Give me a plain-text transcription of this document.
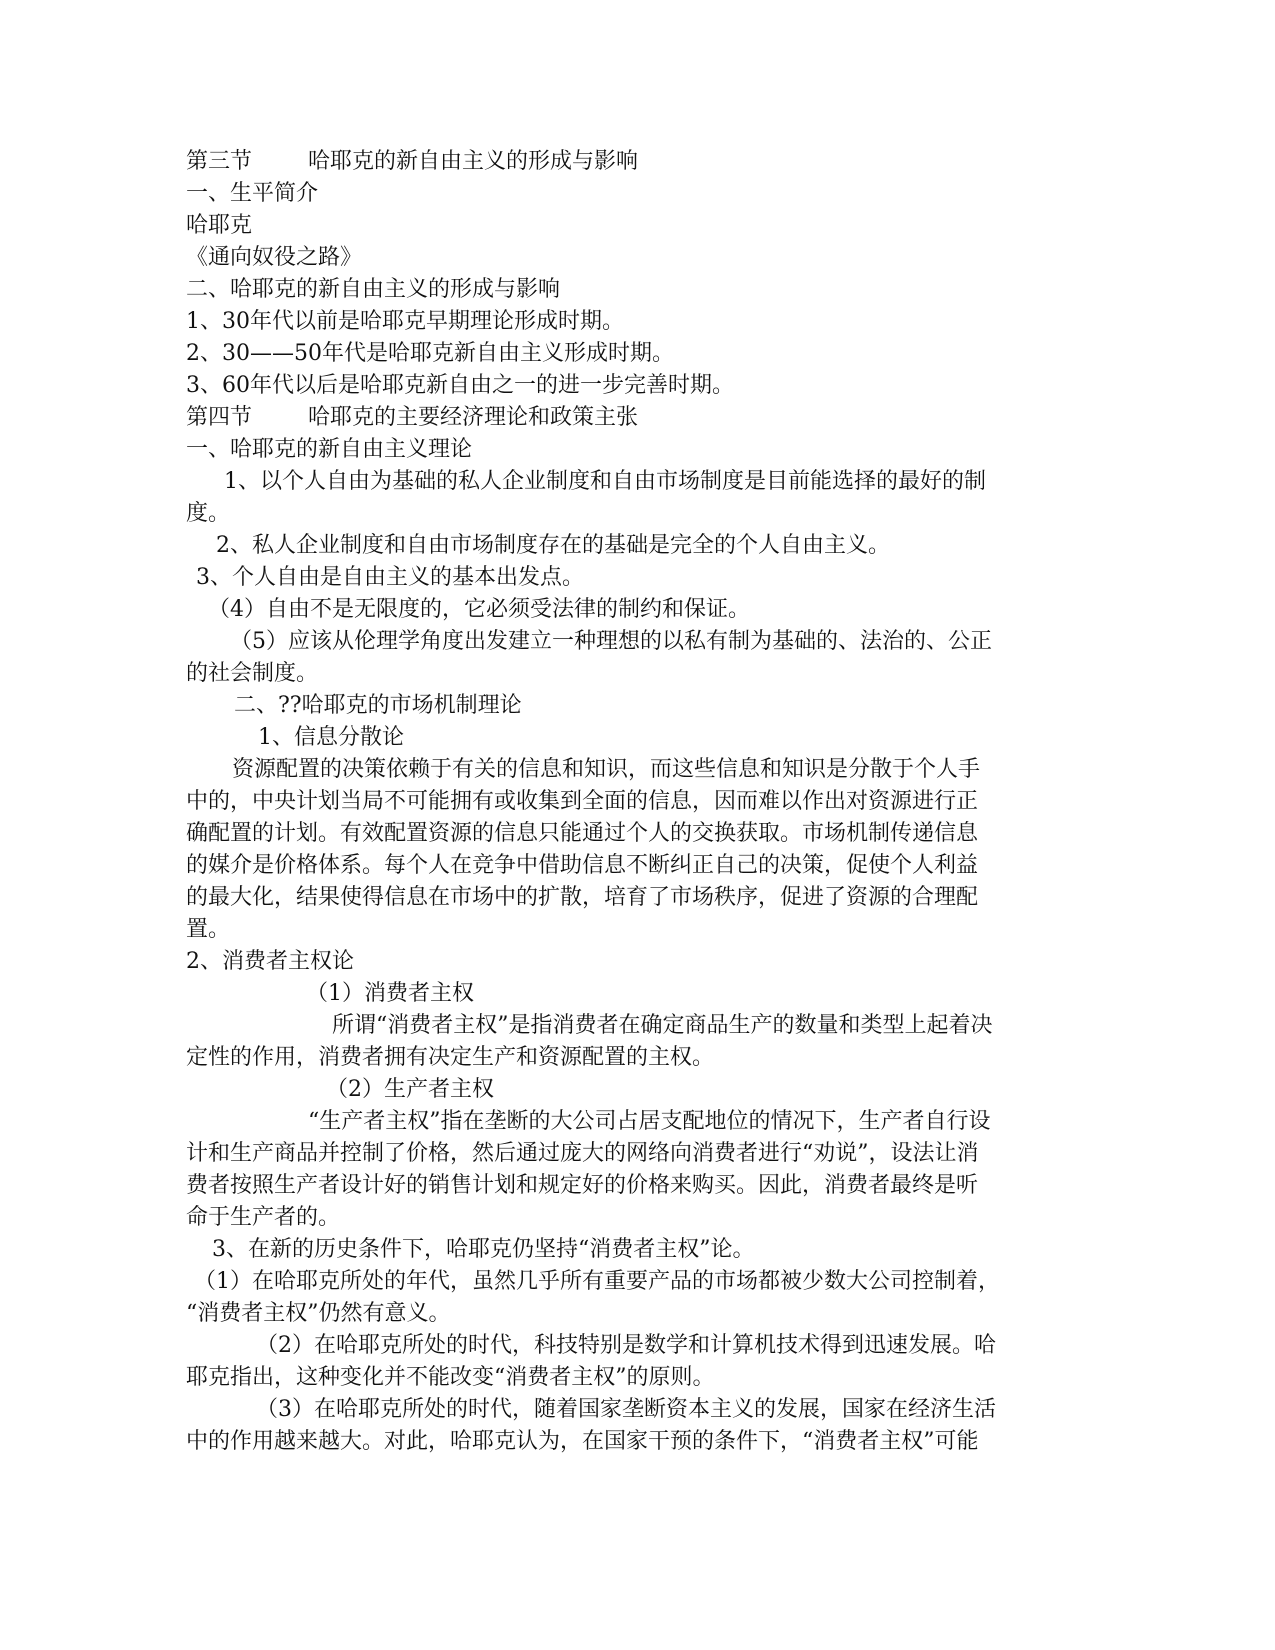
第三节	哈耶克的新自由主义的形成与影响
一、生平简介
哈耶克
《通向奴役之路》
二、哈耶克的新自由主义的形成与影响
1、30年代以前是哈耶克早期理论形成时期。
2、30——50年代是哈耶克新自由主义形成时期。
3、60年代以后是哈耶克新自由之一的进一步完善时期。
第四节	哈耶克的主要经济理论和政策主张
一、哈耶克的新自由主义理论
1、以个人自由为基础的私人企业制度和自由市场制度是目前能选择的最好的制
度。
2、私人企业制度和自由市场制度存在的基础是完全的个人自由主义。
3、个人自由是自由主义的基本出发点。
（4）自由不是无限度的，它必须受法律的制约和保证。
（5）应该从伦理学角度出发建立一种理想的以私有制为基础的、法治的、公正
的社会制度。
二、??哈耶克的市场机制理论
1、信息分散论
资源配置的决策依赖于有关的信息和知识，而这些信息和知识是分散于个人手
中的，中央计划当局不可能拥有或收集到全面的信息，因而难以作出对资源进行正
确配置的计划。有效配置资源的信息只能通过个人的交换获取。市场机制传递信息
的媒介是价格体系。每个人在竞争中借助信息不断纠正自己的决策，促使个人利益
的最大化，结果使得信息在市场中的扩散，培育了市场秩序，促进了资源的合理配
置。
2、消费者主权论
（1）消费者主权
所谓“消费者主权”是指消费者在确定商品生产的数量和类型上起着决
定性的作用，消费者拥有决定生产和资源配置的主权。
（2）生产者主权
“生产者主权”指在垄断的大公司占居支配地位的情况下，生产者自行设
计和生产商品并控制了价格，然后通过庞大的网络向消费者进行“劝说”，设法让消
费者按照生产者设计好的销售计划和规定好的价格来购买。因此，消费者最终是听
命于生产者的。
3、在新的历史条件下，哈耶克仍坚持“消费者主权”论。
（1）在哈耶克所处的年代，虽然几乎所有重要产品的市场都被少数大公司控制着，
“消费者主权”仍然有意义。
（2）在哈耶克所处的时代，科技特别是数学和计算机技术得到迅速发展。哈
耶克指出，这种变化并不能改变“消费者主权”的原则。
（3）在哈耶克所处的时代，随着国家垄断资本主义的发展，国家在经济生活
中的作用越来越大。对此，哈耶克认为，在国家干预的条件下，“消费者主权”可能
